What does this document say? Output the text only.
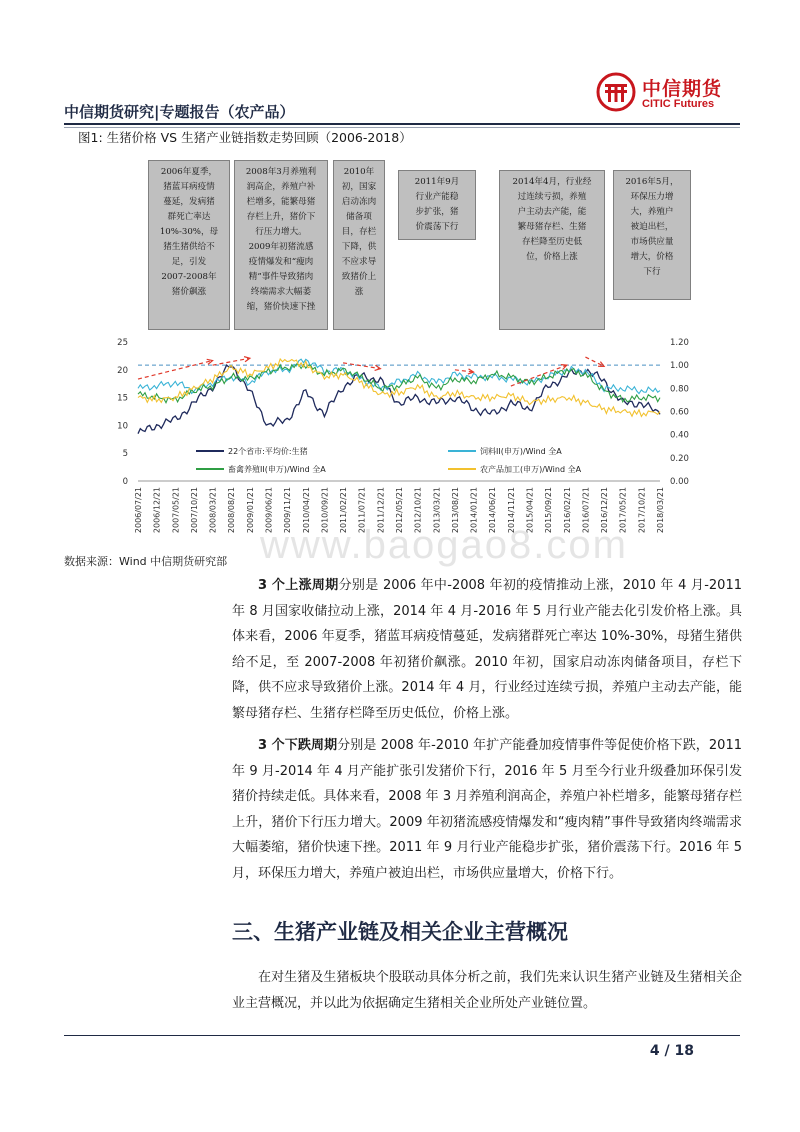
中信期货研究|专题报告（农产品）
中信期货
CITIC Futures
图1: 生猪价格 VS 生猪产业链指数走势回顾（2006-2018）
2006年夏季，
猪蓝耳病疫情
蔓延，发病猪
群死亡率达
10%-30%，母
猪生猪供给不
足，引发
2007-2008年
猪价飙涨
2008年3月养殖利
润高企，养殖户补
栏增多，能繁母猪
存栏上升，猪价下
行压力增大。
2009年初猪流感
疫情爆发和“瘦肉
精”事件导致猪肉
终端需求大幅萎
缩，猪价快速下挫
2010年
初，国家
启动冻肉
储备项
目，存栏
下降，供
不应求导
致猪价上
涨
2011年9月
行业产能稳
步扩张，猪
价震荡下行
2014年4月，行业经
过连续亏损，养殖
户主动去产能，能
繁母猪存栏、生猪
存栏降至历史低
位，价格上涨
2016年5月，
环保压力增
大，养殖户
被迫出栏，
市场供应量
增大，价格
下行
0
5
10
15
20
25
0.00
0.20
0.40
0.60
0.80
1.00
1.20
22个省市:平均价:生猪
畜禽养殖II(申万)/Wind 全A
饲料II(申万)/Wind 全A
农产品加工(申万)/Wind 全A
2006/07/21 2006/12/21 2007/05/21 2007/10/21 2008/03/21 2008/08/21 2009/01/21 2009/06/21 2009/11/21 2010/04/21 2010/09/21 2011/02/21 2011/07/21 2011/12/21 2012/05/21 2012/10/21 2013/03/21 2013/08/21 2014/01/21 2014/06/21 2014/11/21 2015/04/21 2015/09/21 2016/02/21 2016/07/21 2016/12/21 2017/05/21 2017/10/21 2018/03/21
www.baogao8.com
数据来源：Wind 中信期货研究部
3 个上涨周期分别是 2006 年中-2008 年初的疫情推动上涨，2010 年 4 月-2011 年 8 月国家收储拉动上涨，2014 年 4 月-2016 年 5 月行业产能去化引发价格上涨。具体来看，2006 年夏季，猪蓝耳病疫情蔓延，发病猪群死亡率达 10%-30%，母猪生猪供给不足，至 2007-2008 年初猪价飙涨。2010 年初，国家启动冻肉储备项目，存栏下降，供不应求导致猪价上涨。2014 年 4 月，行业经过连续亏损，养殖户主动去产能，能繁母猪存栏、生猪存栏降至历史低位，价格上涨。
3 个下跌周期分别是 2008 年-2010 年扩产能叠加疫情事件等促使价格下跌，2011 年 9 月-2014 年 4 月产能扩张引发猪价下行，2016 年 5 月至今行业升级叠加环保引发猪价持续走低。具体来看，2008 年 3 月养殖利润高企，养殖户补栏增多，能繁母猪存栏上升，猪价下行压力增大。2009 年初猪流感疫情爆发和“瘦肉精”事件导致猪肉终端需求大幅萎缩，猪价快速下挫。2011 年 9 月行业产能稳步扩张，猪价震荡下行。2016 年 5 月，环保压力增大，养殖户被迫出栏，市场供应量增大，价格下行。
三、生猪产业链及相关企业主营概况
在对生猪及生猪板块个股联动具体分析之前，我们先来认识生猪产业链及生猪相关企业主营概况，并以此为依据确定生猪相关企业所处产业链位置。
4 / 18
